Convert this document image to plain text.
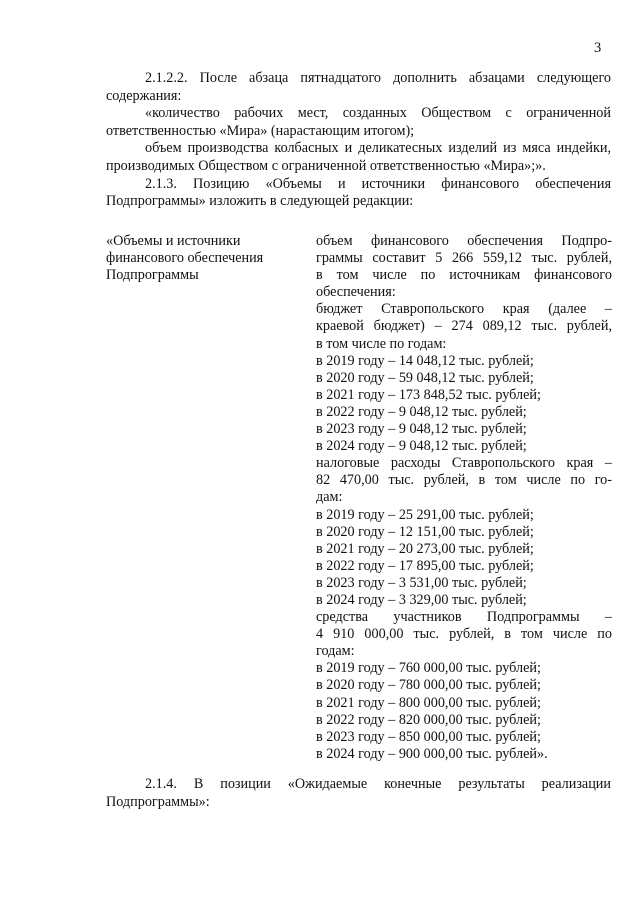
3

2.1.2.2. После абзаца пятнадцатого дополнить абзацами следующего содержания:

«количество рабочих мест, созданных Обществом с ограниченной ответственностью «Мира» (нарастающим итогом);

объем производства колбасных и деликатесных изделий из мяса индейки, производимых Обществом с ограниченной ответственностью «Мира»;».

2.1.3. Позицию «Объемы и источники финансового обеспечения Подпрограммы» изложить в следующей редакции:

«Объемы и источники
финансового обеспечения
Подпрограммы
объем финансового обеспечения Подпро-
граммы составит 5 266 559,12 тыс. рублей,
в том числе по источникам финансового
обеспечения:
бюджет Ставропольского края (далее –
краевой бюджет) – 274 089,12 тыс. рублей,
в том числе по годам:
в 2019 году – 14 048,12 тыс. рублей;
в 2020 году – 59 048,12 тыс. рублей;
в 2021 году – 173 848,52 тыс. рублей;
в 2022 году – 9 048,12 тыс. рублей;
в 2023 году – 9 048,12 тыс. рублей;
в 2024 году – 9 048,12 тыс. рублей;
налоговые расходы Ставропольского края –
82 470,00 тыс. рублей, в том числе по го-
дам:
в 2019 году – 25 291,00 тыс. рублей;
в 2020 году – 12 151,00 тыс. рублей;
в 2021 году – 20 273,00 тыс. рублей;
в 2022 году – 17 895,00 тыс. рублей;
в 2023 году – 3 531,00 тыс. рублей;
в 2024 году – 3 329,00 тыс. рублей;
средства участников Подпрограммы –
4 910 000,00 тыс. рублей, в том числе по
годам:
в 2019 году – 760 000,00 тыс. рублей;
в 2020 году – 780 000,00 тыс. рублей;
в 2021 году – 800 000,00 тыс. рублей;
в 2022 году – 820 000,00 тыс. рублей;
в 2023 году – 850 000,00 тыс. рублей;
в 2024 году – 900 000,00 тыс. рублей».

2.1.4. В позиции «Ожидаемые конечные результаты реализации Подпрограммы»:
